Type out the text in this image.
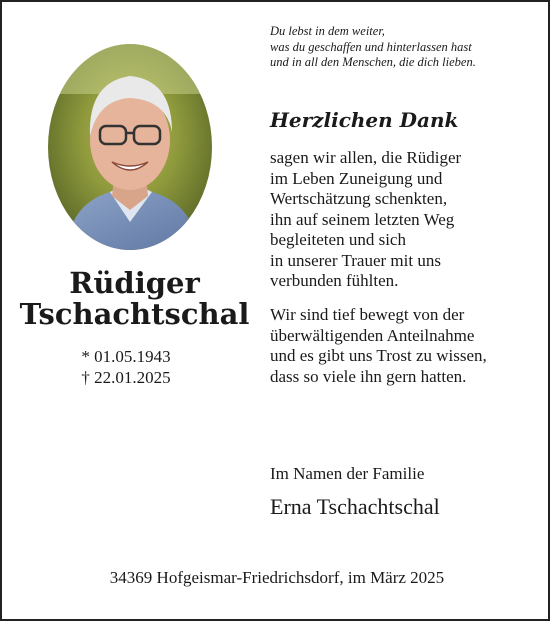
Rüdiger
Tschachtschal
* 01.05.1943
† 22.01.2025
Du lebst in dem weiter,
was du geschaffen und hinterlassen hast
und in all den Menschen, die dich lieben.
Herzlichen Dank
sagen wir allen, die Rüdiger
im Leben Zuneigung und
Wertschätzung schenkten,
ihn auf seinem letzten Weg
begleiteten und sich
in unserer Trauer mit uns
verbunden fühlten.
Wir sind tief bewegt von der
überwältigenden Anteilnahme
und es gibt uns Trost zu wissen,
dass so viele ihn gern hatten.
Im Namen der Familie
Erna Tschachtschal
34369 Hofgeismar-Friedrichsdorf, im März 2025
